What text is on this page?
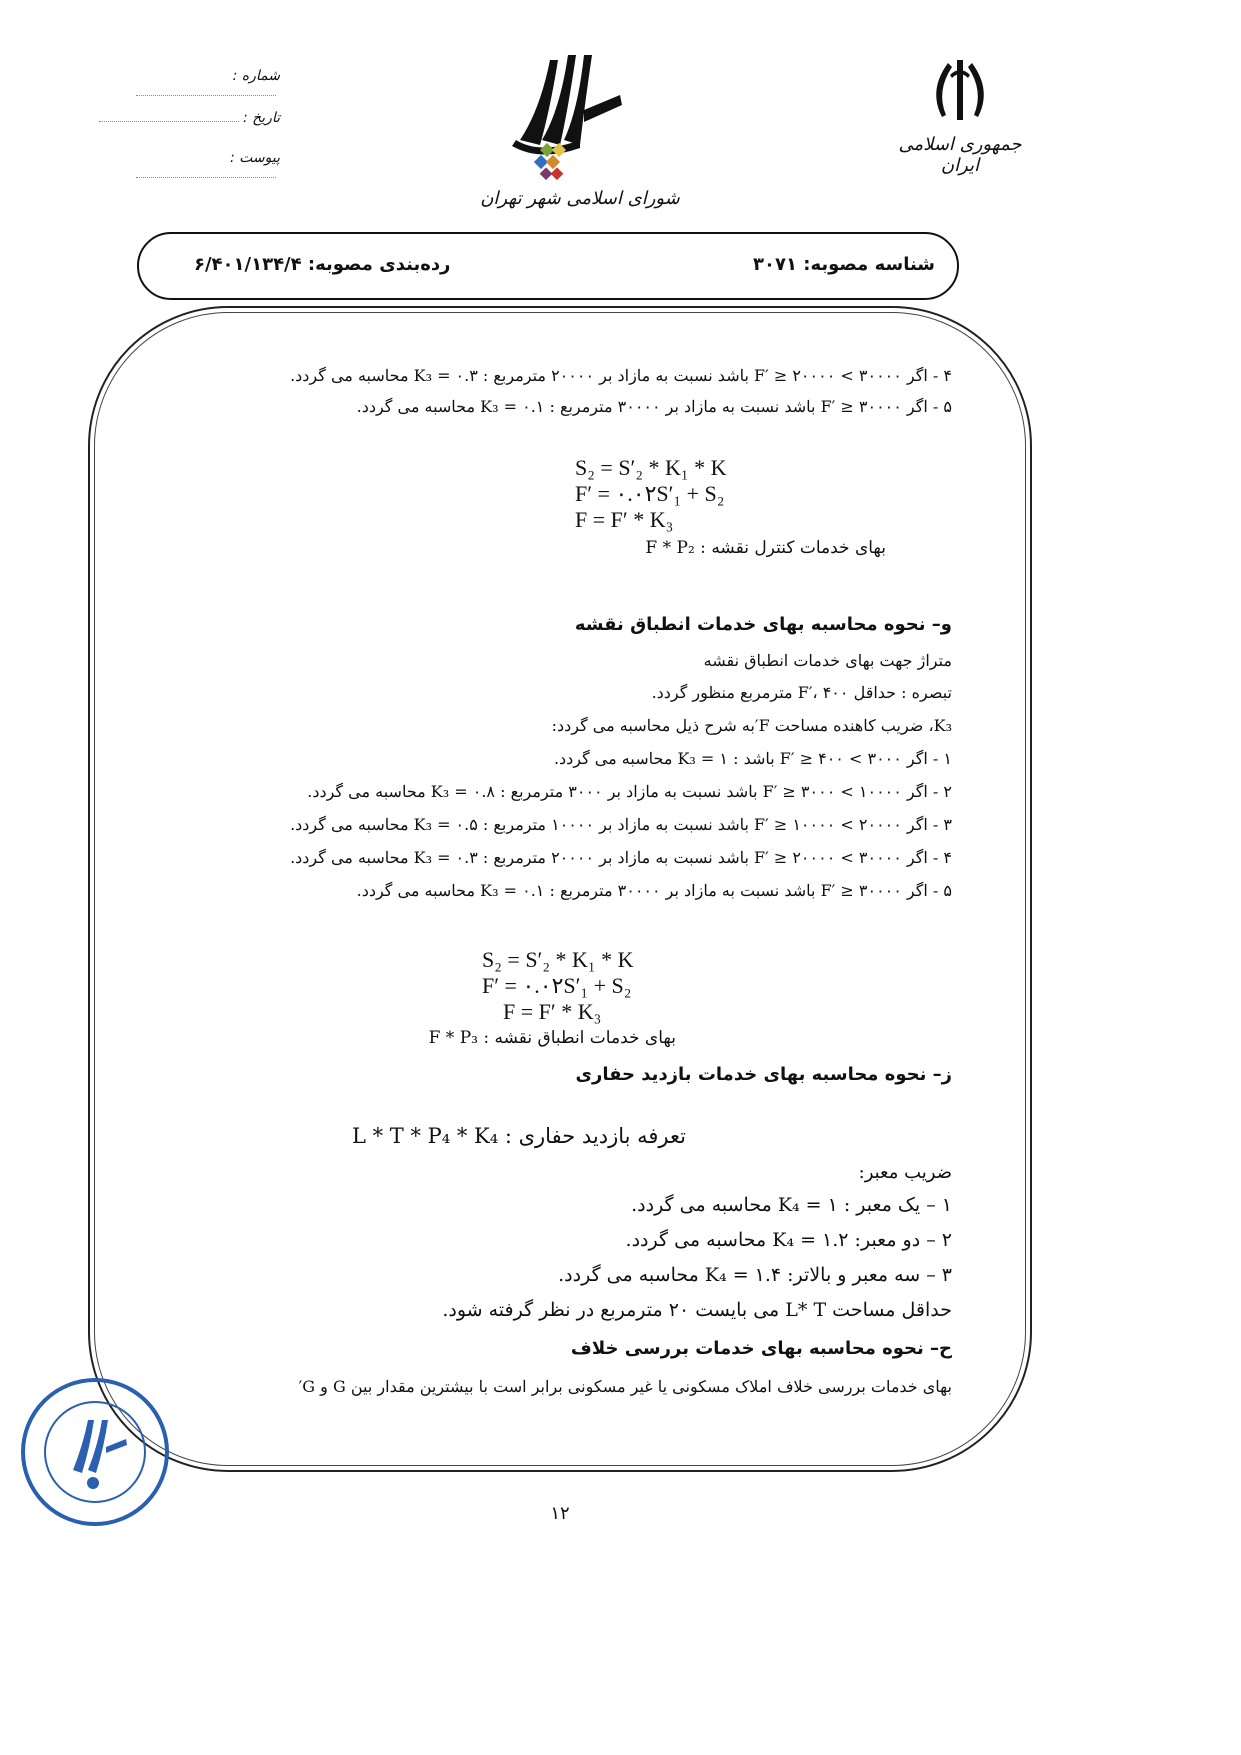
شماره :
تاریخ :
پیوست :
شورای اسلامی شهر تهران
جمهوری اسلامی ایران
شناسه مصوبه: ۳۰۷۱
رده‌بندی مصوبه: ۶/۴۰۱/۱۳۴/۴
۴ - اگر ۳۰۰۰۰ > F′ ≥ ۲۰۰۰۰ باشد نسبت به مازاد بر ۲۰۰۰۰ مترمربع : K₃ = ۰.۳ محاسبه می گردد.
۵ - اگر F′ ≥ ۳۰۰۰۰ باشد نسبت به مازاد بر ۳۰۰۰۰ مترمربع : K₃ = ۰.۱ محاسبه می گردد.
S₂ = S′₂ * K₁ * K
F′ = ۰.۰۲S′₁ + S₂
F = F′ * K₃
بهای خدمات کنترل نقشه : F * P₂
و– نحوه محاسبه بهای خدمات انطباق نقشه
متراژ جهت بهای خدمات انطباق نقشه
تبصره : حداقل F′، ۴۰۰ مترمربع منظور گردد.
K₃، ضریب کاهنده مساحت F′به شرح ذیل محاسبه می گردد:
۱ - اگر ۳۰۰۰ > F′ ≥ ۴۰۰ باشد : K₃ = ۱ محاسبه می گردد.
۲ - اگر ۱۰۰۰۰ > F′ ≥ ۳۰۰۰ باشد نسبت به مازاد بر ۳۰۰۰ مترمربع : K₃ = ۰.۸ محاسبه می گردد.
۳ - اگر ۲۰۰۰۰ > F′ ≥ ۱۰۰۰۰ باشد نسبت به مازاد بر ۱۰۰۰۰ مترمربع : K₃ = ۰.۵ محاسبه می گردد.
۴ - اگر ۳۰۰۰۰ > F′ ≥ ۲۰۰۰۰ باشد نسبت به مازاد بر ۲۰۰۰۰ مترمربع : K₃ = ۰.۳ محاسبه می گردد.
۵ - اگر F′ ≥ ۳۰۰۰۰ باشد نسبت به مازاد بر ۳۰۰۰۰ مترمربع : K₃ = ۰.۱ محاسبه می گردد.
S₂ = S′₂ * K₁ * K
F′ = ۰.۰۲S′₁ + S₂
F = F′ * K₃
بهای خدمات انطباق نقشه : F * P₃
ز– نحوه محاسبه بهای خدمات بازدید حفاری
تعرفه بازدید حفاری : L * T * P₄ * K₄
ضریب معبر:
۱ – یک معبر : K₄ = ۱ محاسبه می گردد.
۲ – دو معبر: K₄ = ۱.۲ محاسبه می گردد.
۳ – سه معبر و بالاتر: K₄ = ۱.۴ محاسبه می گردد.
حداقل مساحت L* T می بایست ۲۰ مترمربع در نظر گرفته شود.
ح– نحوه محاسبه بهای خدمات بررسی خلاف
بهای خدمات بررسی خلاف املاک مسکونی یا غیر مسکونی برابر است با بیشترین مقدار بین G و G′
۱۲
